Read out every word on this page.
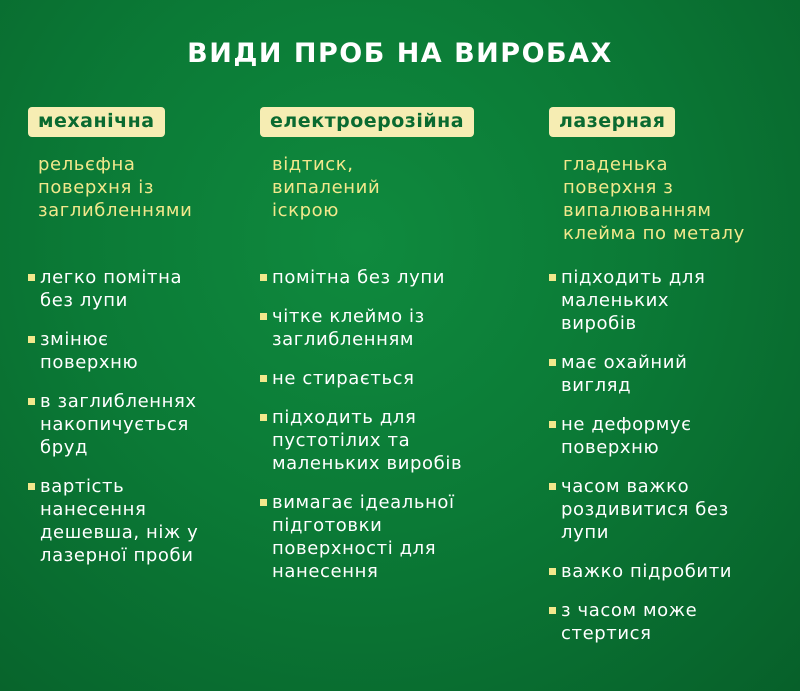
ВИДИ ПРОБ НА ВИРОБАХ
механічна
рельєфна
поверхня із
заглибленнями
легко помітна
без лупи
змінює
поверхню
в заглибленнях
накопичується
бруд
вартість
нанесення
дешевша, ніж у
лазерної проби
електроерозійна
відтиск,
випалений
іскрою
помітна без лупи
чітке клеймо із
заглибленням
не стирається
підходить для
пустотілих та
маленьких виробів
вимагає ідеальної
підготовки
поверхності для
нанесення
лазерная
гладенька
поверхня з
випалюванням
клейма по металу
підходить для
маленьких
виробів
має охайний
вигляд
не деформує
поверхню
часом важко
роздивитися без
лупи
важко підробити
з часом може
стертися
